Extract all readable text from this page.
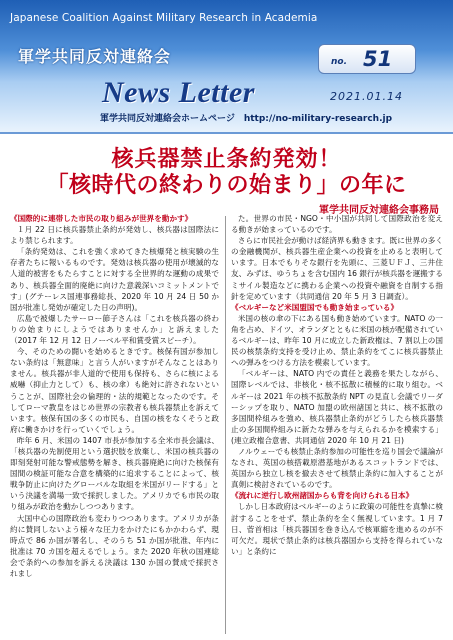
Japanese Coalition Against Military Research in Academia
軍学共同反対連絡会	no. 51
News Letter	2021.01.14
軍学共同反対連絡会ホームページ　http://no-military-research.jp
核兵器禁止条約発効！
「核時代の終わりの始まり」の年に
軍学共同反対連絡会事務局

《国際的に連帯した市民の取り組みが世界を動かす》

１月 22 日に核兵器禁止条約が発効し、核兵器は国際法により禁じられます。

「条約発効は、これを強く求めてきた核爆発と核実験の生存者たちに報いるものです。発効は核兵器の使用が壊滅的な人道的被害をもたらすことに対する全世界的な運動の成果であり、核兵器全面的廃絶に向けた意義深いコミットメントです」(グテーレス国連事務総長、2020 年 10 月 24 日 50 か国が批准し発効が確定した日の声明)。

広島で被爆したサーロー節子さんは「これを核兵器の終わりの始まりにしようではありませんか」と訴えました（2017 年 12 月 12 日ノーベル平和賞受賞スピーチ）。

今、そのための闘いを始めるときです。核保有国が参加しない条約は「無意味」と言う人がいますがそんなことはありません。核兵器が非人道的で使用も保持も、さらに核による威嚇（抑止力として）も、核の傘）も絶対に許されないということが、国際社会の倫理的・法的規範となったのです。そしてローマ教皇をはじめ世界の宗教者も核兵器禁止を訴えています。核保有国の多くの市民も、自国の核をなくそうと政府に働きかけを行っていくでしょう。

昨年 6 月、米国の 1407 市長が参加する全米市長会議は、「核兵器の先制使用という選択肢を放棄し、米国の核兵器の即刻発射可能な警戒態勢を解き、核兵器廃絶に向けた核保有国間の検証可能な合意を構築的に追求することによって、核戦争防止に向けたグローバルな取組を米国がリードする」という決議を満場一致で採択しました。アメリカでも市民の取り組みが政治を動かしつつあります。

大国中心の国際政治も変わりつつあります。アメリカが条約に賛同しないよう様々な圧力をかけたにもかかわらず、現時点で 86 か国が署名し、そのうち 51 か国が批准、年内に批准は 70 カ国を超えるでしょう。また 2020 年秋の国連総会で条約への参加を訴える決議は 130 か国の賛成で採択されまし

た。世界の市民・NGO・中小国が共同して国際政治を変える動きが始まっているのです。

さらに市民社会が動けば経済界も動きます。既に世界の多くの金融機関が、核兵器生産企業への投資を止めると表明しています。日本でもりそな銀行を先頭に、三菱ＵＦＪ、三井住友、みずほ、ゆうちょを含む国内 16 銀行が核兵器を運搬するミサイル製造などに携わる企業への投資や融資を自制する指針を定めています（共同通信 20 年 5 月 3 日調査）。

《ベルギーなど米国盟国でも動き始まっている》

米国の核の傘の下にある国も動き始めています。NATO の一角を占め、ドイツ、オランダとともに米国の核が配備されているベルギーは、昨年 10 月に成立した新政権は、7 割以上の国民の核禁条約支持を受け止め、禁止条約をてこに核兵器禁止への弾みをつける方法を模索しています。

「ベルギーは、NATO 内での責任と義務を果たしながら、国際レベルでは、非核化・核不拡散に積極的に取り組む。ベルギーは 2021 年の核不拡散条約 NPT の見直し会議でリーダーシップを取り、NATO 加盟の欧州諸国と共に、核不拡散の多国間枠組みを強め、核兵器禁止条約がどうしたら核兵器禁止の多国間枠組みに新たな弾みを与えられるかを模索する」(連立政権合意書、共同通信 2020 年 10 月 21 日)

ノルウェーでも核禁止条約参加の可能性を巡り国会で議論がなされ、英国の核搭載原潜基地があるスコットランドでは、英国から独立し核を撤去させて核禁止条約に加入することが真剣に検討されているのです。

《流れに逆行し欧州諸国からも背を向けられる日本》

しかし日本政府はベルギーのように政策の可能性を真摯に検討することをせず、禁止条約を全く無視しています。1 月 7 日、菅首相は「核兵器国を巻き込んで核軍縮を進めるのが不可欠だ。現状で禁止条約は核兵器国から支持を得られていない」と条約に
